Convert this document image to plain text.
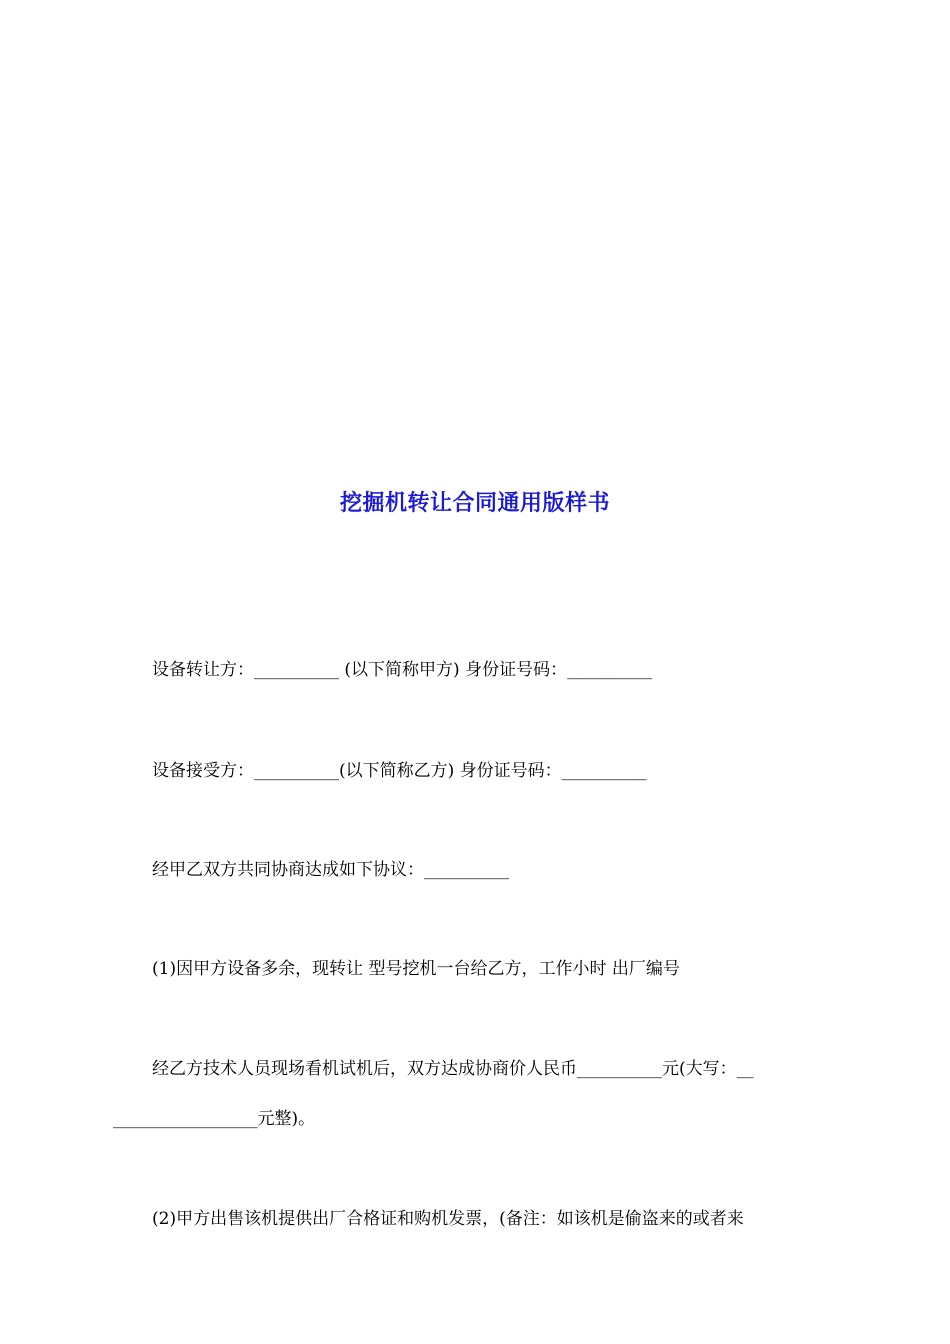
挖掘机转让合同通用版样书
设备转让方：__________ (以下简称甲方) 身份证号码：__________
设备接受方：__________(以下简称乙方) 身份证号码：__________
经甲乙双方共同协商达成如下协议：__________
(1)因甲方设备多余，现转让 型号挖机一台给乙方，工作小时 出厂编号
经乙方技术人员现场看机试机后，双方达成协商价人民币__________元(大写：__
_________________元整)。
(2)甲方出售该机提供出厂合格证和购机发票，(备注：如该机是偷盗来的或者来
